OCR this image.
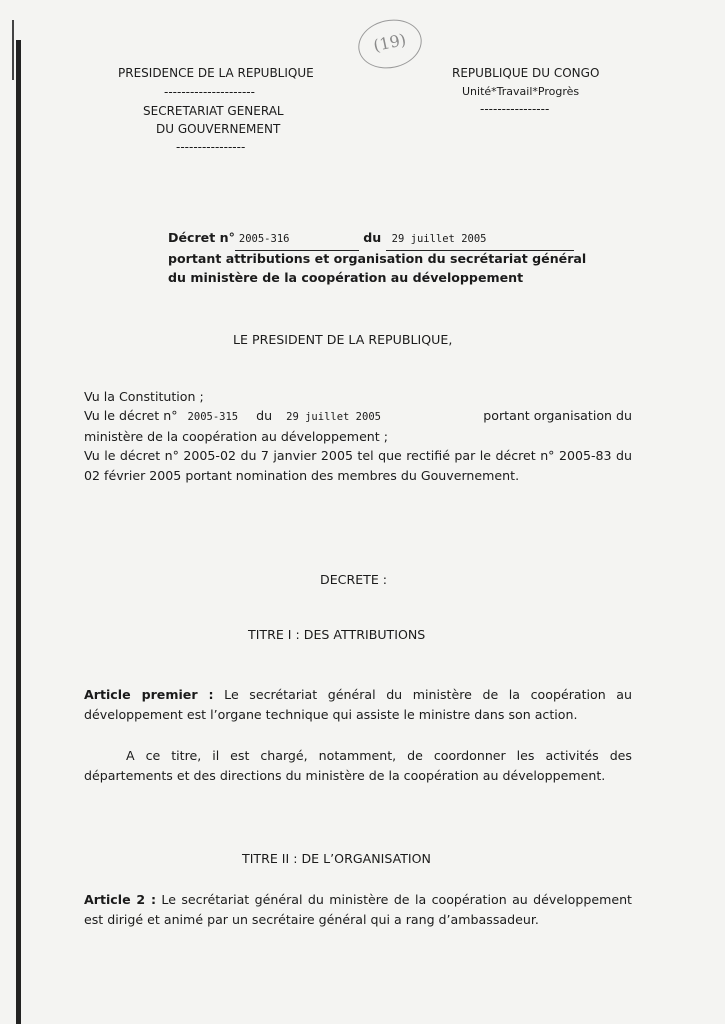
PRESIDENCE DE LA REPUBLIQUE
---------------------
SECRETARIAT GENERAL
DU GOUVERNEMENT
----------------
(19)
REPUBLIQUE DU CONGO
Unité*Travail*Progrès
----------------
Décret n° 2005-316	du 29 juillet 2005
portant attributions et organisation du secrétariat général
du ministère de la coopération au développement
LE PRESIDENT DE LA REPUBLIQUE,
Vu la Constitution ;
Vu le décret n° 2005-315 du 29 juillet 2005	portant organisation du
ministère de la coopération au développement ;
Vu le décret n° 2005-02 du 7 janvier 2005 tel que rectifié par le décret n° 2005-83 du 02 février 2005 portant nomination des membres du Gouvernement.
DECRETE :
TITRE I : DES ATTRIBUTIONS
Article premier : Le secrétariat général du ministère de la coopération au développement est l’organe technique qui assiste le ministre dans son action.
A ce titre, il est chargé, notamment, de coordonner les activités des départements et des directions du ministère de la coopération au développement.
TITRE II : DE L’ORGANISATION
Article 2 : Le secrétariat général du ministère de la coopération au développement est dirigé et animé par un secrétaire général qui a rang d’ambassadeur.
